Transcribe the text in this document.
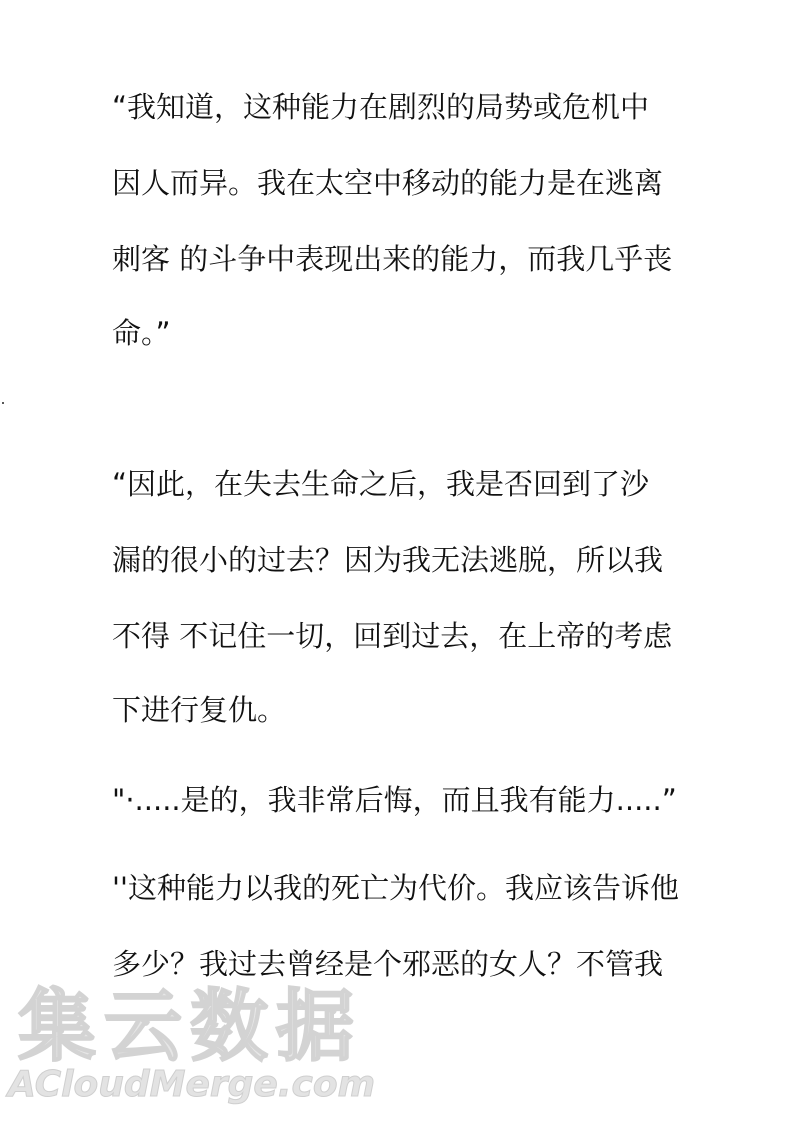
“我知道，这种能力在剧烈的局势或危机中
因人而异。我在太空中移动的能力是在逃离
刺客 的斗争中表现出来的能力，而我几乎丧
命。”
“因此，在失去生命之后，我是否回到了沙
漏的很小的过去？因为我无法逃脱，所以我
不得 不记住一切，回到过去，在上帝的考虑
下进行复仇。
"·.....是的，我非常后悔，而且我有能力.....”
''这种能力以我的死亡为代价。我应该告诉他
多少？我过去曾经是个邪恶的女人？不管我
集云数据
ACloudMerge.com
